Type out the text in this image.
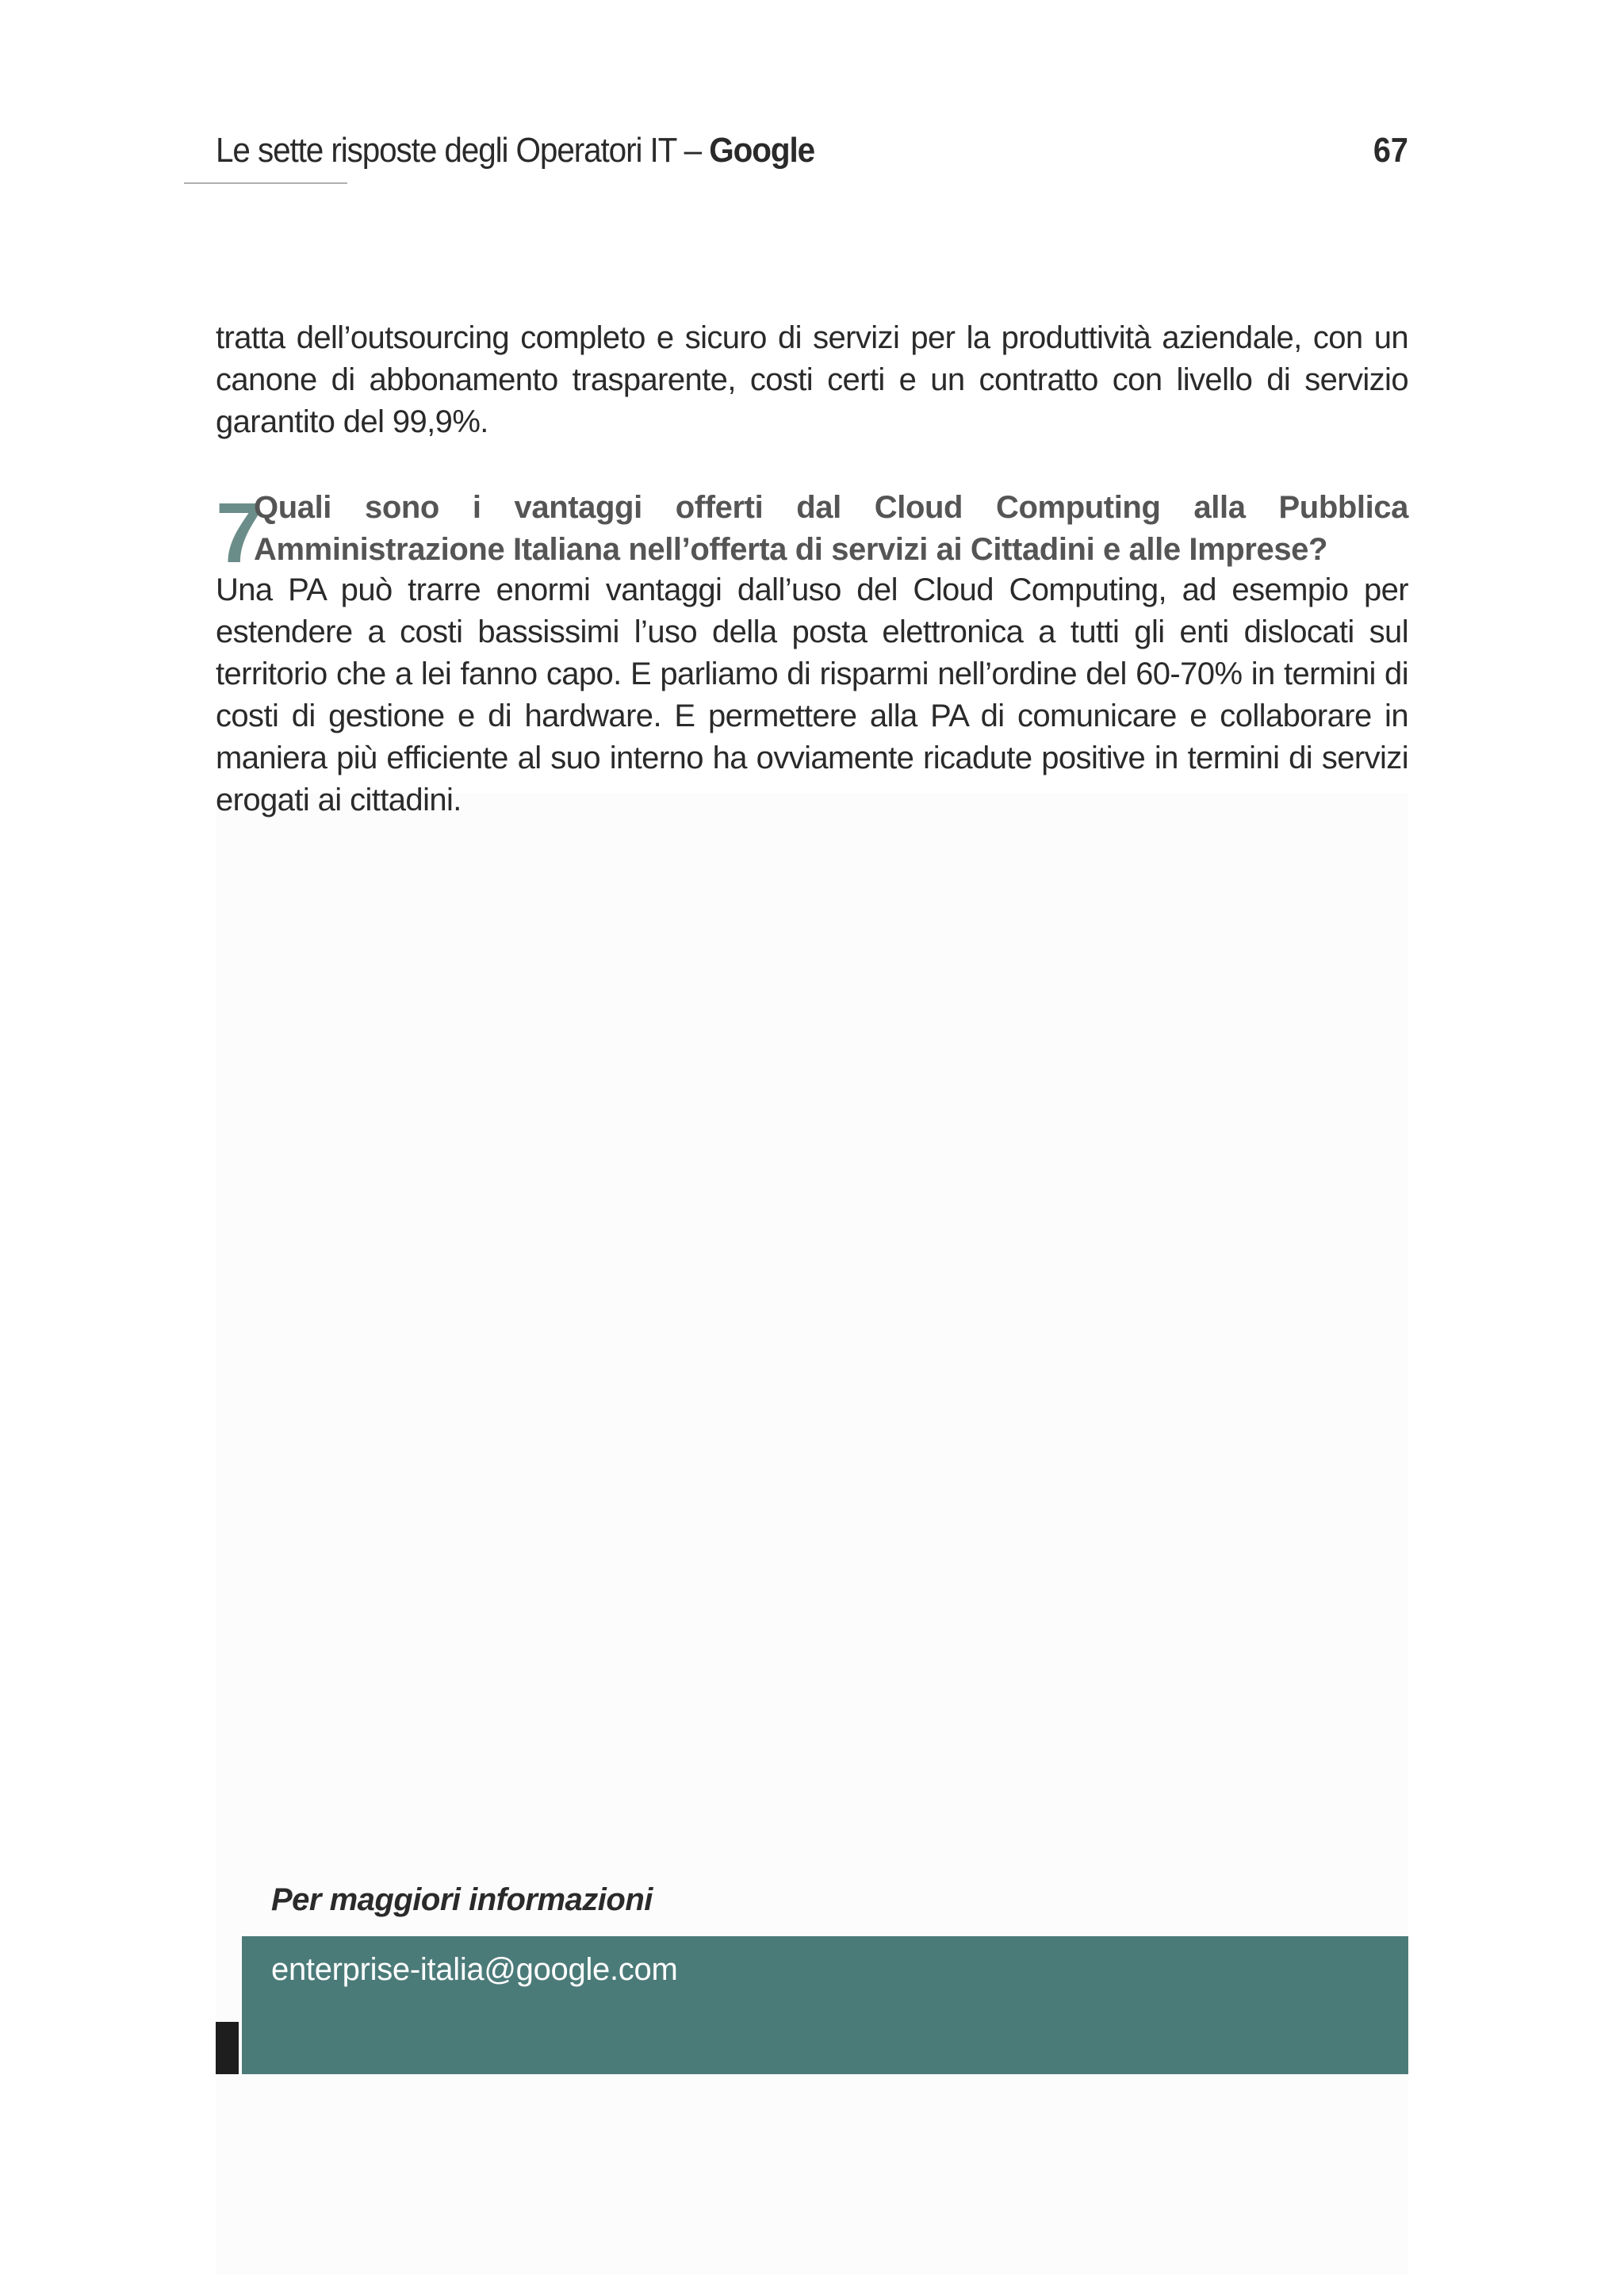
Le sette risposte degli Operatori IT – Google	67

tratta dell’outsourcing completo e sicuro di servizi per la produttività aziendale, con un canone di abbonamento trasparente, costi certi e un contratto con livello di servizio garantito del 99,9%.

7
Quali sono i vantaggi offerti dal Cloud Computing alla Pubblica Amministrazione Italiana nell’offerta di servizi ai Cittadini e alle Imprese?

Una PA può trarre enormi vantaggi dall’uso del Cloud Computing, ad esempio per estendere a costi bassissimi l’uso della posta elettronica a tutti gli enti dislocati sul territorio che a lei fanno capo. E parliamo di risparmi nell’ordine del 60-70% in termini di costi di gestione e di hardware. E permettere alla PA di comunicare e collaborare in maniera più efficiente al suo interno ha ovviamente ricadute positive in termini di servizi erogati ai cittadini.

Per maggiori informazioni
enterprise-italia@google.com
